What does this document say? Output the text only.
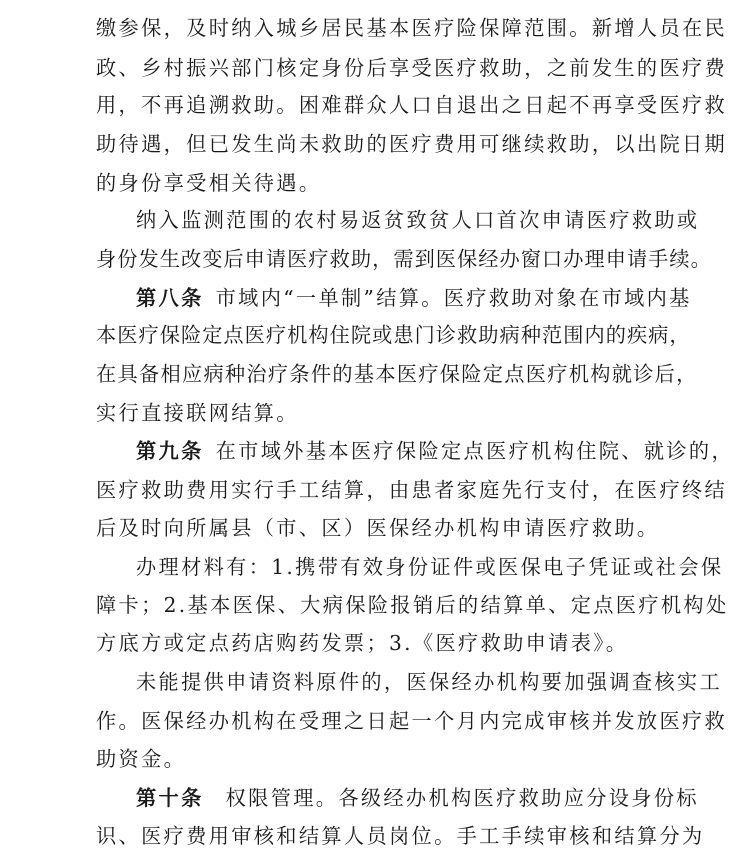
缴参保，及时纳入城乡居民基本医疗险保障范围。新增人员在民
政、乡村振兴部门核定身份后享受医疗救助，之前发生的医疗费
用，不再追溯救助。困难群众人口自退出之日起不再享受医疗救
助待遇，但已发生尚未救助的医疗费用可继续救助，以出院日期
的身份享受相关待遇。
纳入监测范围的农村易返贫致贫人口首次申请医疗救助或
身份发生改变后申请医疗救助，需到医保经办窗口办理申请手续。
第八条 市域内“一单制”结算。医疗救助对象在市域内基
本医疗保险定点医疗机构住院或患门诊救助病种范围内的疾病，
在具备相应病种治疗条件的基本医疗保险定点医疗机构就诊后，
实行直接联网结算。
第九条 在市域外基本医疗保险定点医疗机构住院、就诊的，
医疗救助费用实行手工结算，由患者家庭先行支付，在医疗终结
后及时向所属县（市、区）医保经办机构申请医疗救助。
办理材料有：1.携带有效身份证件或医保电子凭证或社会保
障卡；2.基本医保、大病保险报销后的结算单、定点医疗机构处
方底方或定点药店购药发票；3.《医疗救助申请表》。
未能提供申请资料原件的，医保经办机构要加强调查核实工
作。医保经办机构在受理之日起一个月内完成审核并发放医疗救
助资金。
第十条 权限管理。各级经办机构医疗救助应分设身份标
识、医疗费用审核和结算人员岗位。手工手续审核和结算分为
